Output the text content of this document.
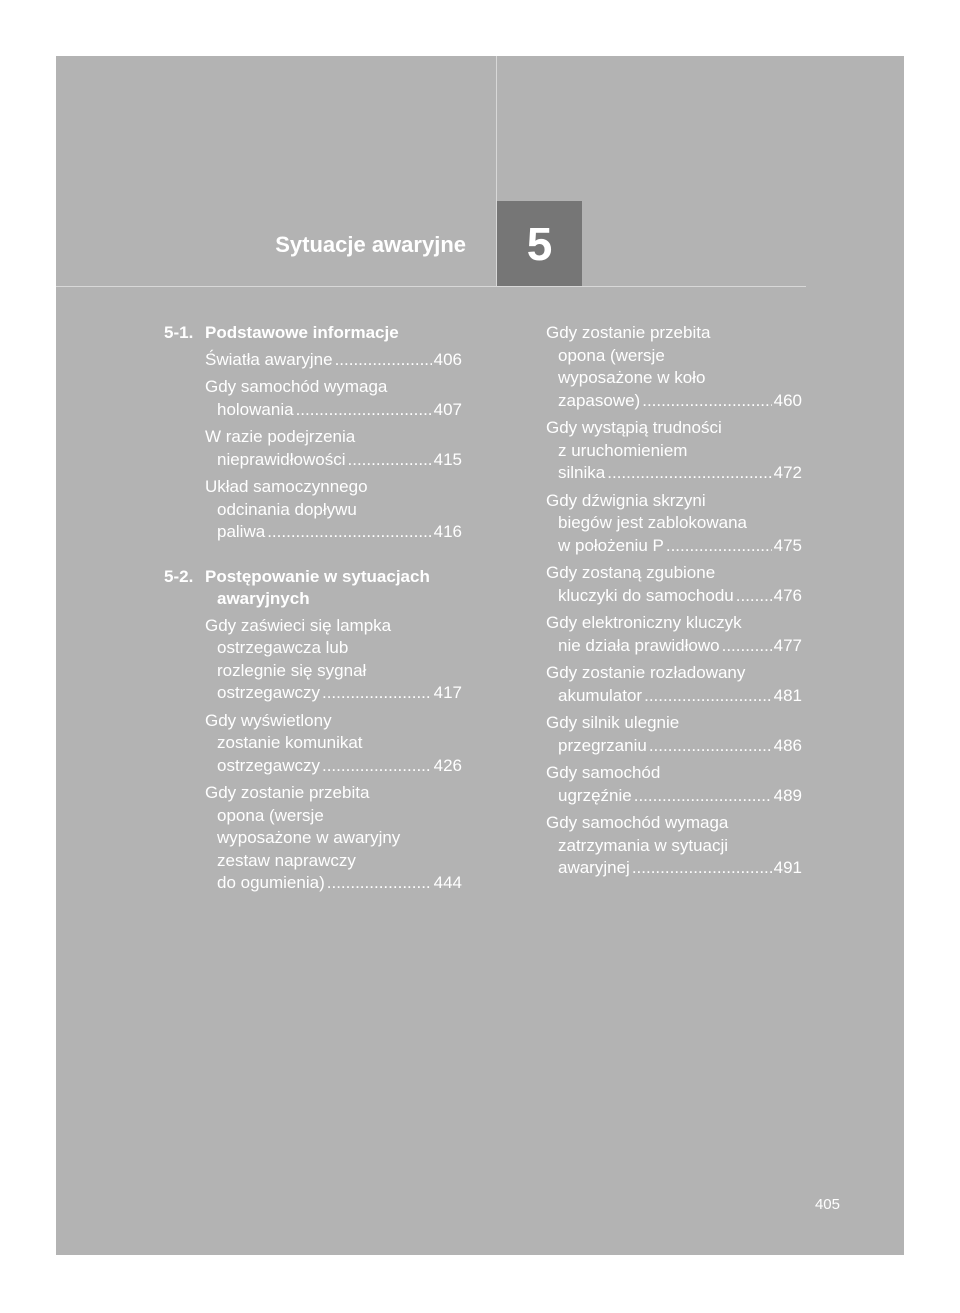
Sytuacje awaryjne 5
5-1. Podstawowe informacje
Światła awaryjne .....	406
Gdy samochód wymaga
holowania .....	407
W razie podejrzenia
nieprawidłowości .....	415
Układ samoczynnego
odcinania dopływu
paliwa .....	416
5-2. Postępowanie w sytuacjach awaryjnych
Gdy zaświeci się lampka
ostrzegawcza lub
rozlegnie się sygnał
ostrzegawczy .....	417
Gdy wyświetlony
zostanie komunikat
ostrzegawczy .....	426
Gdy zostanie przebita
opona (wersje
wyposażone w awaryjny
zestaw naprawczy
do ogumienia) .....	444
Gdy zostanie przebita
opona (wersje
wyposażone w koło
zapasowe) .....	460
Gdy wystąpią trudności
z uruchomieniem
silnika .....	472
Gdy dźwignia skrzyni
biegów jest zablokowana
w położeniu P .....	475
Gdy zostaną zgubione
kluczyki do samochodu ..... 476
Gdy elektroniczny kluczyk
nie działa prawidłowo .....	477
Gdy zostanie rozładowany
akumulator .....	481
Gdy silnik ulegnie
przegrzaniu .....	486
Gdy samochód
ugrzęźnie .....	489
Gdy samochód wymaga
zatrzymania w sytuacji
awaryjnej .....	491
405
